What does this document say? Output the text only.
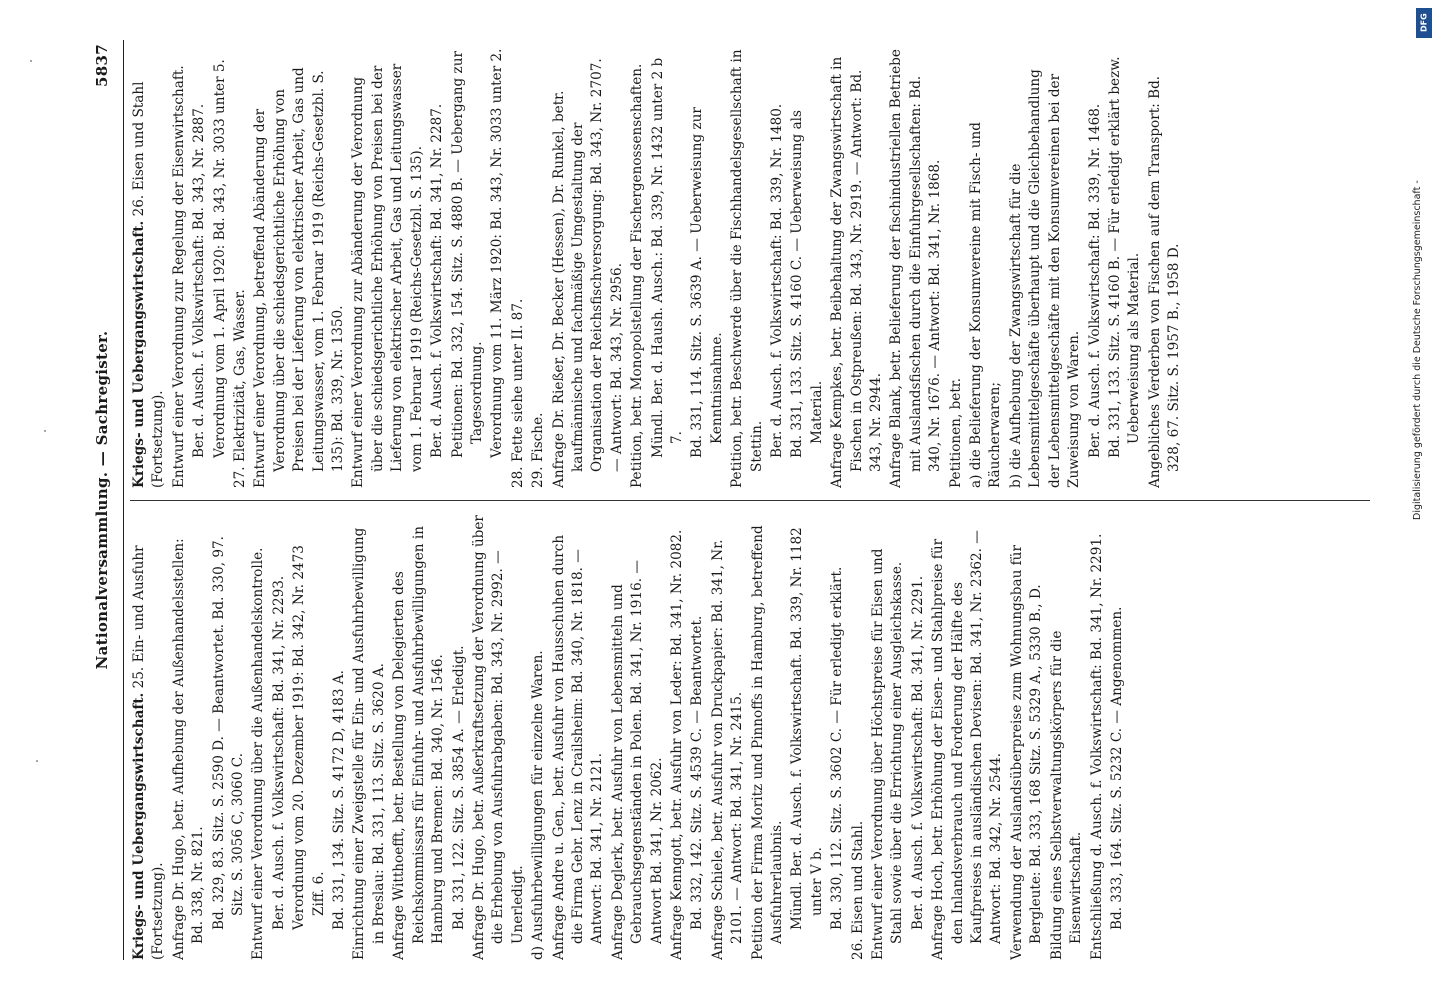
Nationalversammlung. — Sachregister.
5837

Kriegs- und Uebergangswirtschaft. 25. Ein- und Ausfuhr (Fortsetzung). Anfrage Dr. Hugo, betr. Aufhebung der Außenhandelsstellen: Bd. 338, Nr. 821. Bd. 329, 83. Sitz. S. 2590 D. — Beantwortet. Bd. 330, 97. Sitz. S. 3056 C, 3060 C. Entwurf einer Verordnung über die Außenhandelskontrolle. Ber. d. Ausch. f. Volkswirtschaft: Bd. 341, Nr. 2293. Verordnung vom 20. Dezember 1919: Bd. 342, Nr. 2473 Ziff. 6. Bd. 331, 134. Sitz. S. 4172 D, 4183 A. Einrichtung einer Zweigstelle für Ein- und Ausfuhrbewilligung in Breslau: Bd. 331, 113. Sitz. S. 3620 A. Anfrage Witthoefft, betr. Bestellung von Delegierten des Reichskommissars für Einfuhr- und Ausfuhrbewilligungen in Hamburg und Bremen: Bd. 340, Nr. 1546. Bd. 331, 122. Sitz. S. 3854 A. — Erledigt. Anfrage Dr. Hugo, betr. Außerkraftsetzung der Verordnung über die Erhebung von Ausfuhrabgaben: Bd. 343, Nr. 2992. — Unerledigt. d) Ausfuhrbewilligungen für einzelne Waren. Anfrage Andre u. Gen., betr. Ausfuhr von Hausschuhen durch die Firma Gebr. Lenz in Crailsheim: Bd. 340, Nr. 1818. — Antwort: Bd. 341, Nr. 2121. Anfrage Deglerk, betr. Ausfuhr von Lebensmitteln und Gebrauchsgegenständen in Polen. Bd. 341, Nr. 1916. — Antwort Bd. 341, Nr. 2062. Anfrage Kenngott, betr. Ausfuhr von Leder: Bd. 341, Nr. 2082. Bd. 332, 142. Sitz. S. 4539 C. — Beantwortet. Anfrage Schiele, betr. Ausfuhr von Druckpapier: Bd. 341, Nr. 2101. — Antwort: Bd. 341, Nr. 2415. Petition der Firma Moritz und Pinnoffs in Hamburg, betreffend Ausfuhrerlaubnis. Mündl. Ber. d. Ausch. f. Volkswirtschaft. Bd. 339, Nr. 1182 unter V b. Bd. 330, 112. Sitz. S. 3602 C. — Für erledigt erklärt. 26. Eisen und Stahl. Entwurf einer Verordnung über Höchstpreise für Eisen und Stahl sowie über die Errichtung einer Ausgleichskasse. Ber. d. Ausch. f. Volkswirtschaft: Bd. 341, Nr. 2291. Anfrage Hoch, betr. Erhöhung der Eisen- und Stahlpreise für den Inlandsverbrauch und Forderung der Hälfte des Kaufpreises in ausländischen Devisen: Bd. 341, Nr. 2362. — Antwort: Bd. 342, Nr. 2544. Verwendung der Auslandsüberpreise zum Wohnungsbau für Bergleute: Bd. 333, 168 Sitz. S. 5329 A., 5330 B., D. Bildung eines Selbstverwaltungskörpers für die Eisenwirtschaft. Entschließung d. Ausch. f. Volkswirtschaft: Bd. 341, Nr. 2291. Bd. 333, 164. Sitz. S. 5232 C. — Angenommen.

Kriegs- und Uebergangswirtschaft. 26. Eisen und Stahl (Fortsetzung). Entwurf einer Verordnung zur Regelung der Eisenwirtschaft. Ber. d. Ausch. f. Volkswirtschaft: Bd. 343, Nr. 2887. Verordnung vom 1. April 1920: Bd. 343, Nr. 3033 unter 5. 27. Elektrizität, Gas, Wasser. Entwurf einer Verordnung, betreffend Abänderung der Verordnung über die schiedsgerichtliche Erhöhung von Preisen bei der Lieferung von elektrischer Arbeit, Gas und Leitungswasser, vom 1. Februar 1919 (Reichs-Gesetzbl. S. 135): Bd. 339, Nr. 1350. Entwurf einer Verordnung zur Abänderung der Verordnung über die schiedsgerichtliche Erhöhung von Preisen bei der Lieferung von elektrischer Arbeit, Gas und Leitungswasser vom 1. Februar 1919 (Reichs-Gesetzbl. S. 135). Ber. d. Ausch. f. Volkswirtschaft: Bd. 341, Nr. 2287. Petitionen: Bd. 332, 154. Sitz. S. 4880 B. — Uebergang zur Tagesordnung. Verordnung vom 11. März 1920: Bd. 343, Nr. 3033 unter 2. 28. Fette siehe unter II. 87. 29. Fische. Anfrage Dr. Rießer, Dr. Becker (Hessen), Dr. Runkel, betr. kaufmännische und fachmäßige Umgestaltung der Organisation der Reichsfischversorgung: Bd. 343, Nr. 2707. — Antwort: Bd. 343, Nr. 2956. Petition, betr. Monopolstellung der Fischergenossenschaften. Mündl. Ber. d. Haush. Ausch.: Bd. 339, Nr. 1432 unter 2 b 7. Bd. 331, 114. Sitz. S. 3639 A. — Ueberweisung zur Kenntnisnahme. Petition, betr. Beschwerde über die Fischhandelsgesellschaft in Stettin. Ber. d. Ausch. f. Volkswirtschaft: Bd. 339, Nr. 1480. Bd. 331, 133. Sitz. S. 4160 C. — Ueberweisung als Material. Anfrage Kempkes, betr. Beibehaltung der Zwangswirtschaft in Fischen in Ostpreußen: Bd. 343, Nr. 2919. — Antwort: Bd. 343, Nr. 2944. Anfrage Blank, betr. Belieferung der fischindustriellen Betriebe mit Auslandsfischen durch die Einfuhrgesellschaften: Bd. 340, Nr. 1676. — Antwort: Bd. 341, Nr. 1868. Petitionen, betr. a) die Belieferung der Konsumvereine mit Fisch- und Räucherwaren; b) die Aufhebung der Zwangswirtschaft für die Lebensmittelgeschäfte überhaupt und die Gleichbehandlung der Lebensmittelgeschäfte mit den Konsumvereinen bei der Zuweisung von Waren. Ber. d. Ausch. f. Volkswirtschaft: Bd. 339, Nr. 1468. Bd. 331, 133. Sitz. S. 4160 B. — Für erledigt erklärt bezw. Ueberweisung als Material. Angebliches Verderben von Fischen auf dem Transport: Bd. 328, 67. Sitz. S. 1957 B., 1958 D.

DFG
Digitalisierung gefördert durch die Deutsche Forschungsgemeinschaft -
